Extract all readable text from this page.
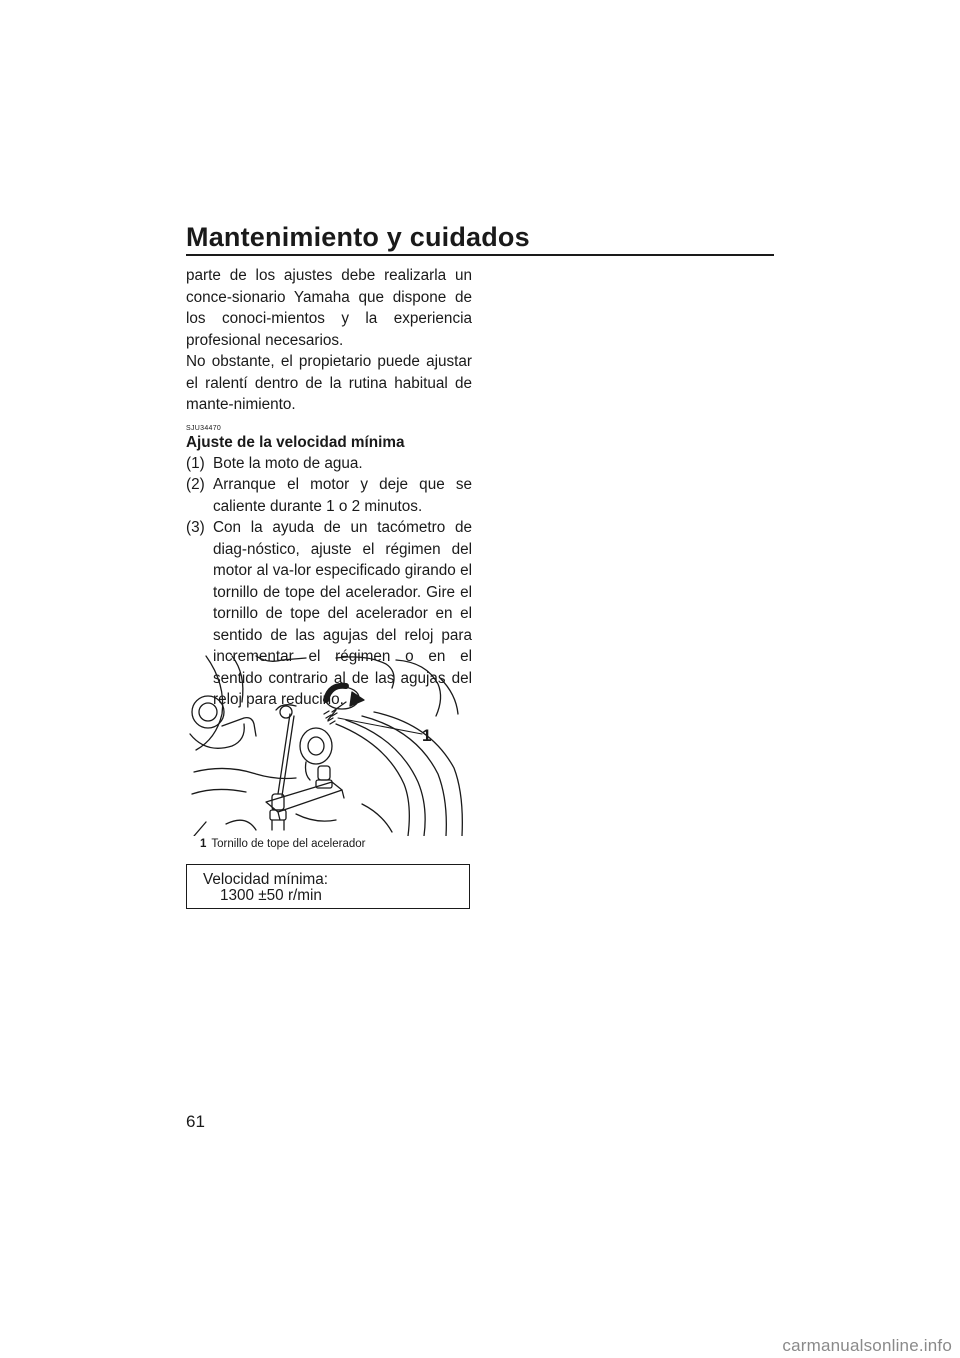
Mantenimiento y cuidados

parte de los ajustes debe realizarla un conce-sionario Yamaha que dispone de los conoci-mientos y la experiencia profesional necesarios.

No obstante, el propietario puede ajustar el ralentí dentro de la rutina habitual de mante-nimiento.

SJU34470
Ajuste de la velocidad mínima
(1) Bote la moto de agua.
(2) Arranque el motor y deje que se caliente durante 1 o 2 minutos.
(3) Con la ayuda de un tacómetro de diag-nóstico, ajuste el régimen del motor al va-lor especificado girando el tornillo de tope del acelerador. Gire el tornillo de tope del acelerador en el sentido de las agujas del reloj para incrementar el régimen o en el sentido contrario al de las agujas del reloj para reducirlo.
1
1 Tornillo de tope del acelerador
Velocidad mínima:
1300 ±50 r/min
61
carmanualsonline.info
